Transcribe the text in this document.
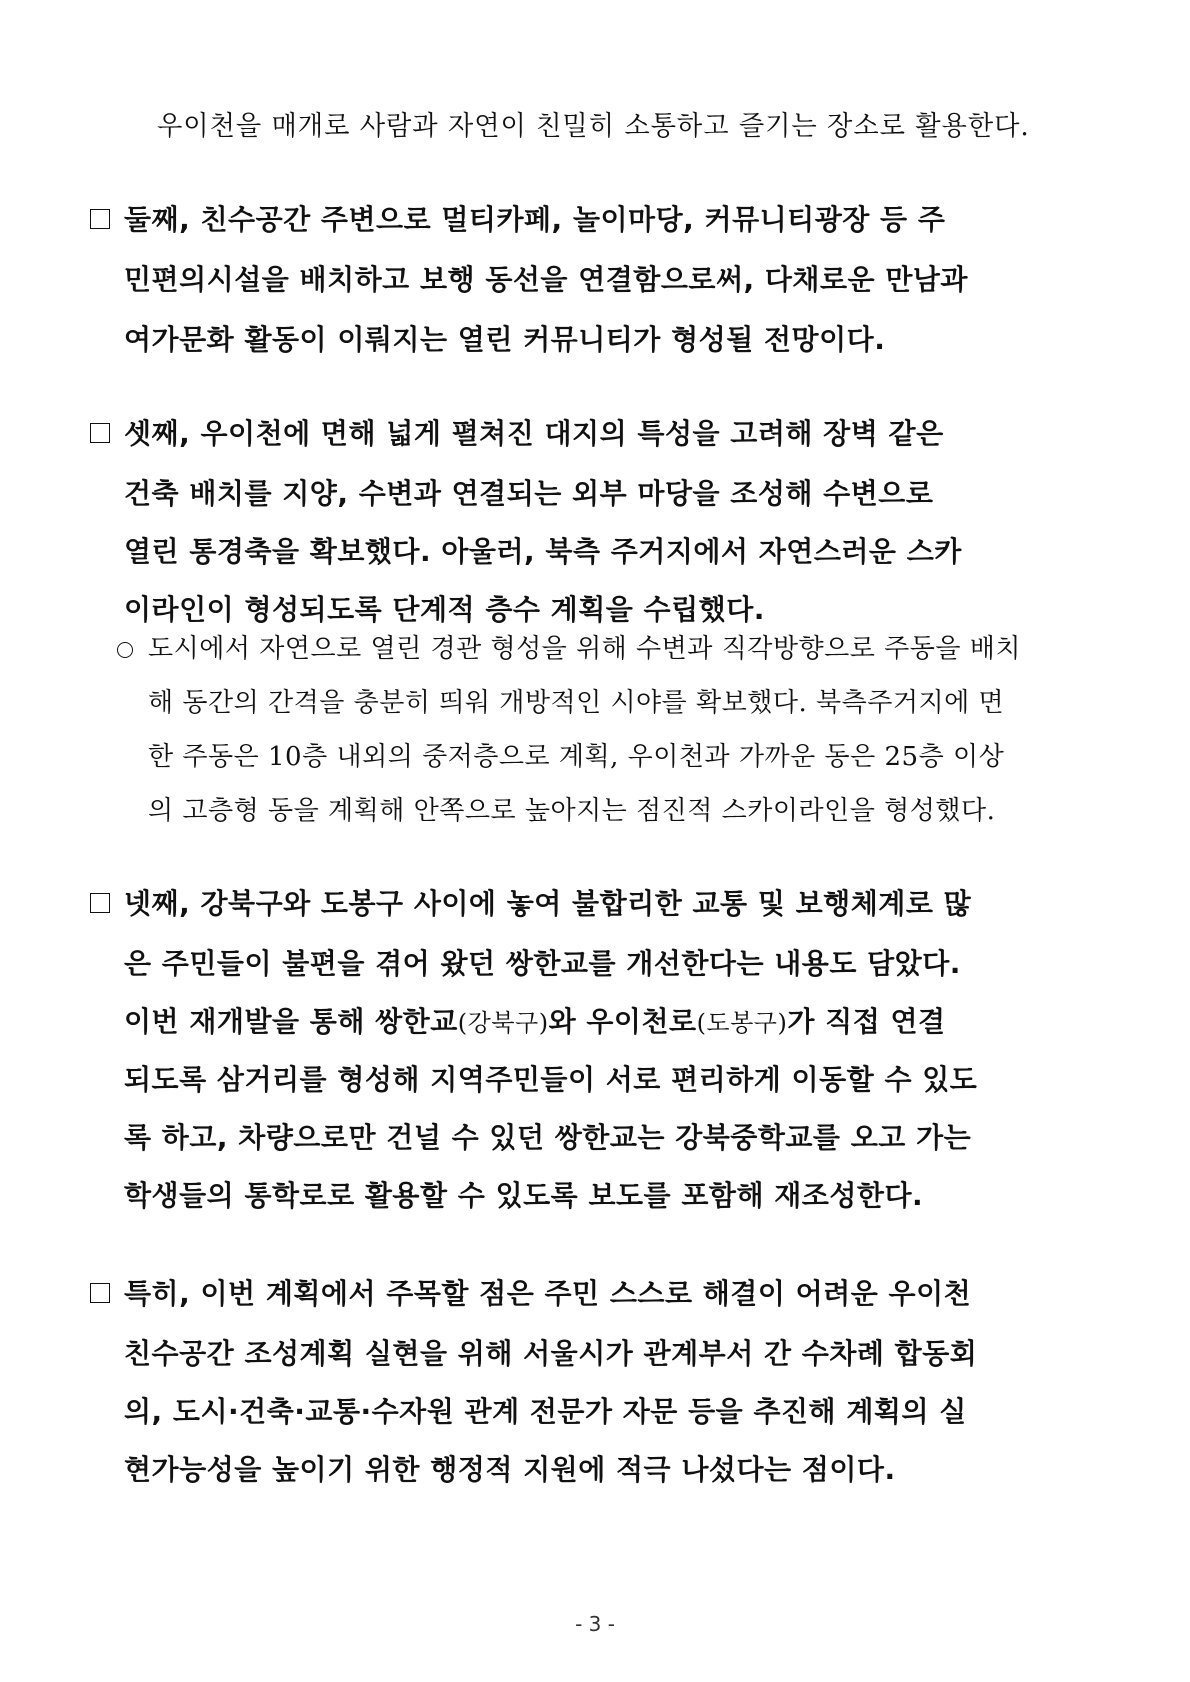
우이천을 매개로 사람과 자연이 친밀히 소통하고 즐기는 장소로 활용한다.
둘째, 친수공간 주변으로 멀티카페, 놀이마당, 커뮤니티광장 등 주
민편의시설을 배치하고 보행 동선을 연결함으로써, 다채로운 만남과
여가문화 활동이 이뤄지는 열린 커뮤니티가 형성될 전망이다.
셋째, 우이천에 면해 넓게 펼쳐진 대지의 특성을 고려해 장벽 같은
건축 배치를 지양, 수변과 연결되는 외부 마당을 조성해 수변으로
열린 통경축을 확보했다. 아울러, 북측 주거지에서 자연스러운 스카
이라인이 형성되도록 단계적 층수 계획을 수립했다.
도시에서 자연으로 열린 경관 형성을 위해 수변과 직각방향으로 주동을 배치
해 동간의 간격을 충분히 띄워 개방적인 시야를 확보했다. 북측주거지에 면
한 주동은 10층 내외의 중저층으로 계획, 우이천과 가까운 동은 25층 이상
의 고층형 동을 계획해 안쪽으로 높아지는 점진적 스카이라인을 형성했다.
넷째, 강북구와 도봉구 사이에 놓여 불합리한 교통 및 보행체계로 많
은 주민들이 불편을 겪어 왔던 쌍한교를 개선한다는 내용도 담았다.
이번 재개발을 통해 쌍한교(강북구)와 우이천로(도봉구)가 직접 연결
되도록 삼거리를 형성해 지역주민들이 서로 편리하게 이동할 수 있도
록 하고, 차량으로만 건널 수 있던 쌍한교는 강북중학교를 오고 가는
학생들의 통학로로 활용할 수 있도록 보도를 포함해 재조성한다.
특히, 이번 계획에서 주목할 점은 주민 스스로 해결이 어려운 우이천
친수공간 조성계획 실현을 위해 서울시가 관계부서 간 수차례 합동회
의, 도시·건축·교통·수자원 관계 전문가 자문 등을 추진해 계획의 실
현가능성을 높이기 위한 행정적 지원에 적극 나섰다는 점이다.
- 3 -
